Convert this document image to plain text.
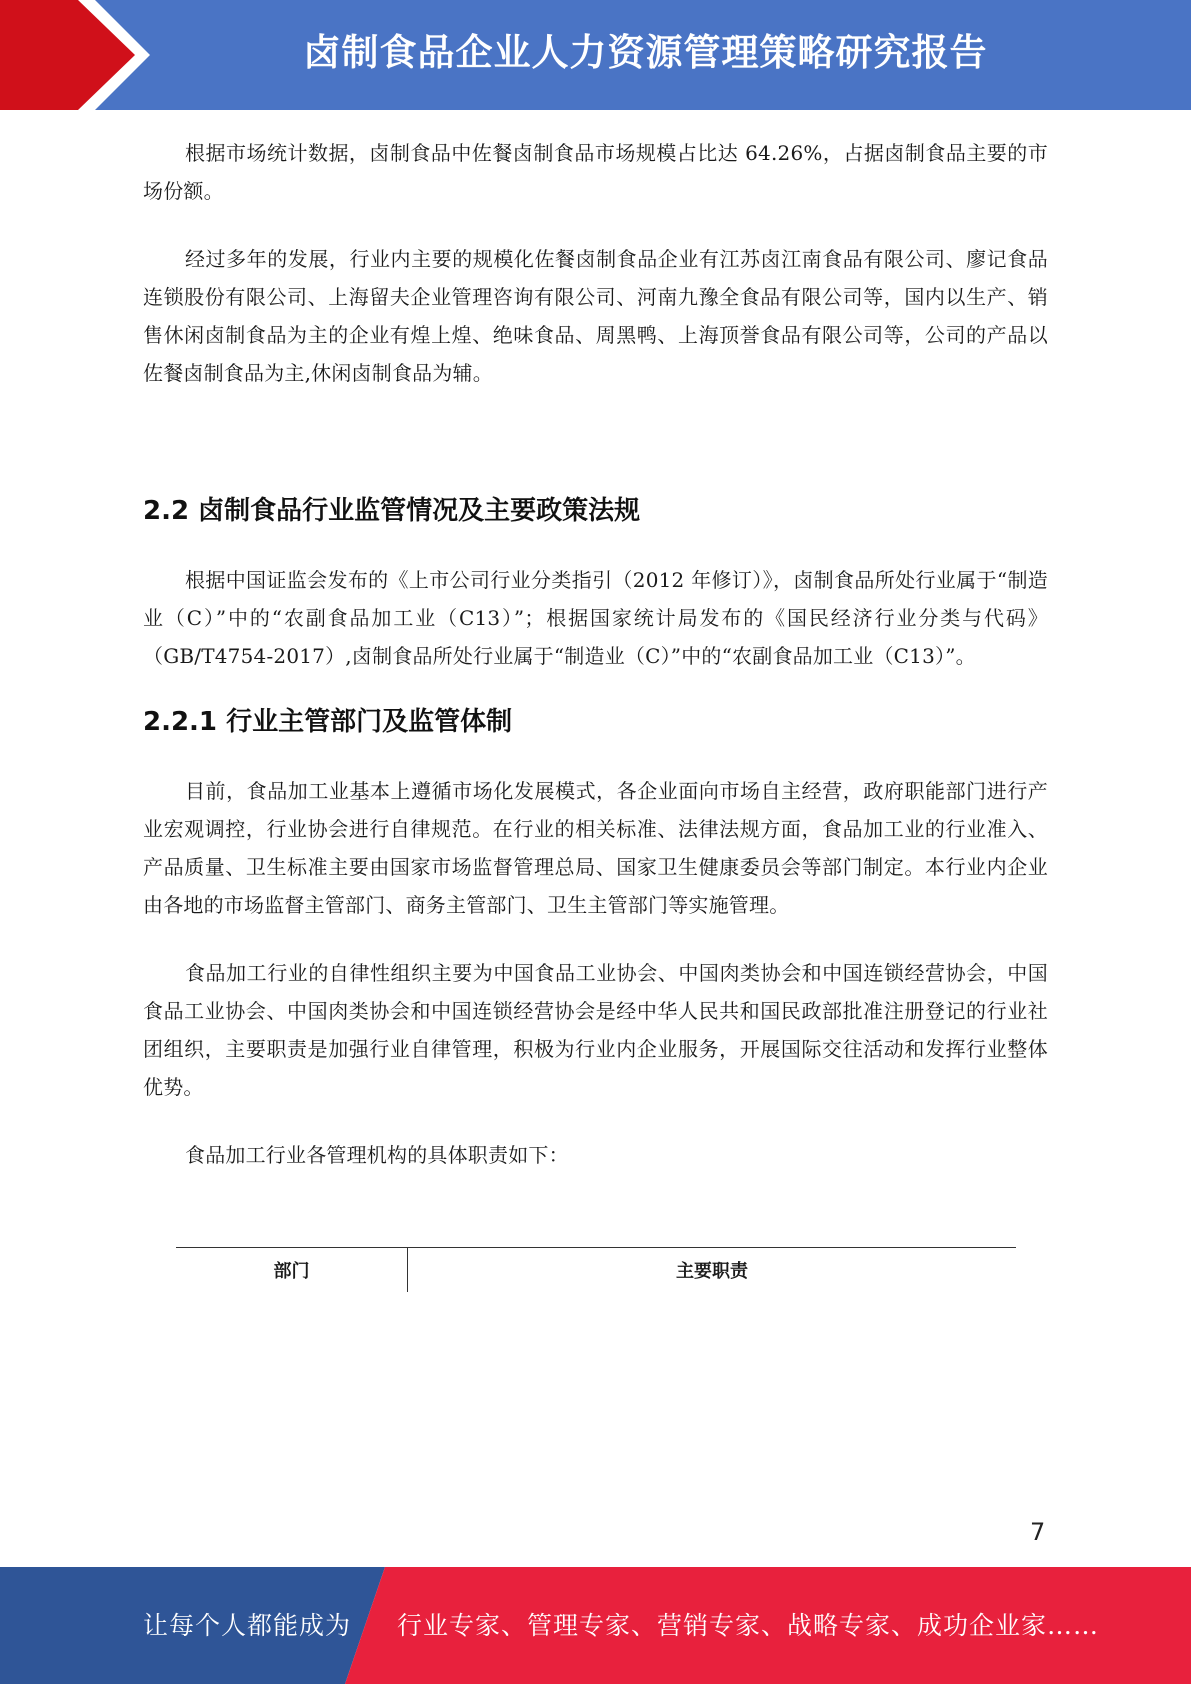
卤制食品企业人力资源管理策略研究报告

根据市场统计数据，卤制食品中佐餐卤制食品市场规模占比达 64.26%，占据卤制食品主要的市场份额。

经过多年的发展，行业内主要的规模化佐餐卤制食品企业有江苏卤江南食品有限公司、廖记食品连锁股份有限公司、上海留夫企业管理咨询有限公司、河南九豫全食品有限公司等，国内以生产、销售休闲卤制食品为主的企业有煌上煌、绝味食品、周黑鸭、上海顶誉食品有限公司等，公司的产品以佐餐卤制食品为主,休闲卤制食品为辅。

2.2 卤制食品行业监管情况及主要政策法规

根据中国证监会发布的《上市公司行业分类指引（2012 年修订）》，卤制食品所处行业属于“制造业（C）”中的“农副食品加工业（C13）”；根据国家统计局发布的《国民经济行业分类与代码》（GB/T4754-2017）,卤制食品所处行业属于“制造业（C）”中的“农副食品加工业（C13）”。

2.2.1 行业主管部门及监管体制

目前，食品加工业基本上遵循市场化发展模式，各企业面向市场自主经营，政府职能部门进行产业宏观调控，行业协会进行自律规范。在行业的相关标准、法律法规方面，食品加工业的行业准入、产品质量、卫生标准主要由国家市场监督管理总局、国家卫生健康委员会等部门制定。本行业内企业由各地的市场监督主管部门、商务主管部门、卫生主管部门等实施管理。

食品加工行业的自律性组织主要为中国食品工业协会、中国肉类协会和中国连锁经营协会，中国食品工业协会、中国肉类协会和中国连锁经营协会是经中华人民共和国民政部批准注册登记的行业社团组织，主要职责是加强行业自律管理，积极为行业内企业服务，开展国际交往活动和发挥行业整体优势。

食品加工行业各管理机构的具体职责如下：

部门	主要职责
7
让每个人都能成为 行业专家、管理专家、营销专家、战略专家、成功企业家……
